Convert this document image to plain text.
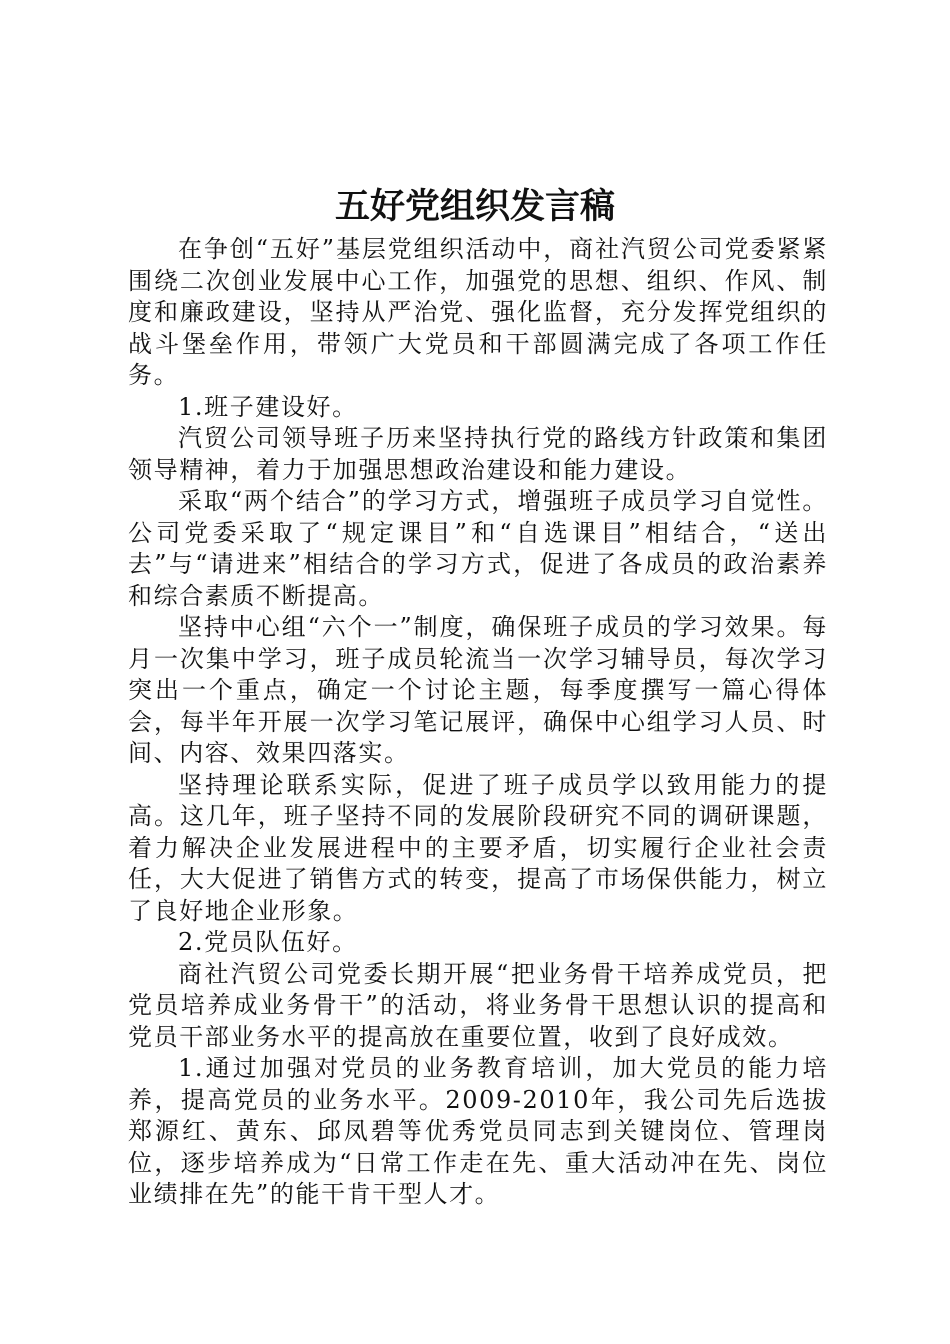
五好党组织发言稿

在争创“五好”基层党组织活动中，商社汽贸公司党委紧紧围绕二次创业发展中心工作，加强党的思想、组织、作风、制度和廉政建设，坚持从严治党、强化监督，充分发挥党组织的战斗堡垒作用，带领广大党员和干部圆满完成了各项工作任务。

1.班子建设好。

汽贸公司领导班子历来坚持执行党的路线方针政策和集团领导精神，着力于加强思想政治建设和能力建设。

采取“两个结合”的学习方式，增强班子成员学习自觉性。公司党委采取了“规定课目”和“自选课目”相结合，“送出去”与“请进来”相结合的学习方式，促进了各成员的政治素养和综合素质不断提高。

坚持中心组“六个一”制度，确保班子成员的学习效果。每月一次集中学习，班子成员轮流当一次学习辅导员，每次学习突出一个重点，确定一个讨论主题，每季度撰写一篇心得体会，每半年开展一次学习笔记展评，确保中心组学习人员、时间、内容、效果四落实。

坚持理论联系实际，促进了班子成员学以致用能力的提高。这几年，班子坚持不同的发展阶段研究不同的调研课题，着力解决企业发展进程中的主要矛盾，切实履行企业社会责任，大大促进了销售方式的转变，提高了市场保供能力，树立了良好地企业形象。

2.党员队伍好。

商社汽贸公司党委长期开展“把业务骨干培养成党员，把党员培养成业务骨干”的活动，将业务骨干思想认识的提高和党员干部业务水平的提高放在重要位置，收到了良好成效。

1.通过加强对党员的业务教育培训，加大党员的能力培养，提高党员的业务水平。2009-2010年，我公司先后选拔郑源红、黄东、邱凤碧等优秀党员同志到关键岗位、管理岗位，逐步培养成为“日常工作走在先、重大活动冲在先、岗位业绩排在先”的能干肯干型人才。
